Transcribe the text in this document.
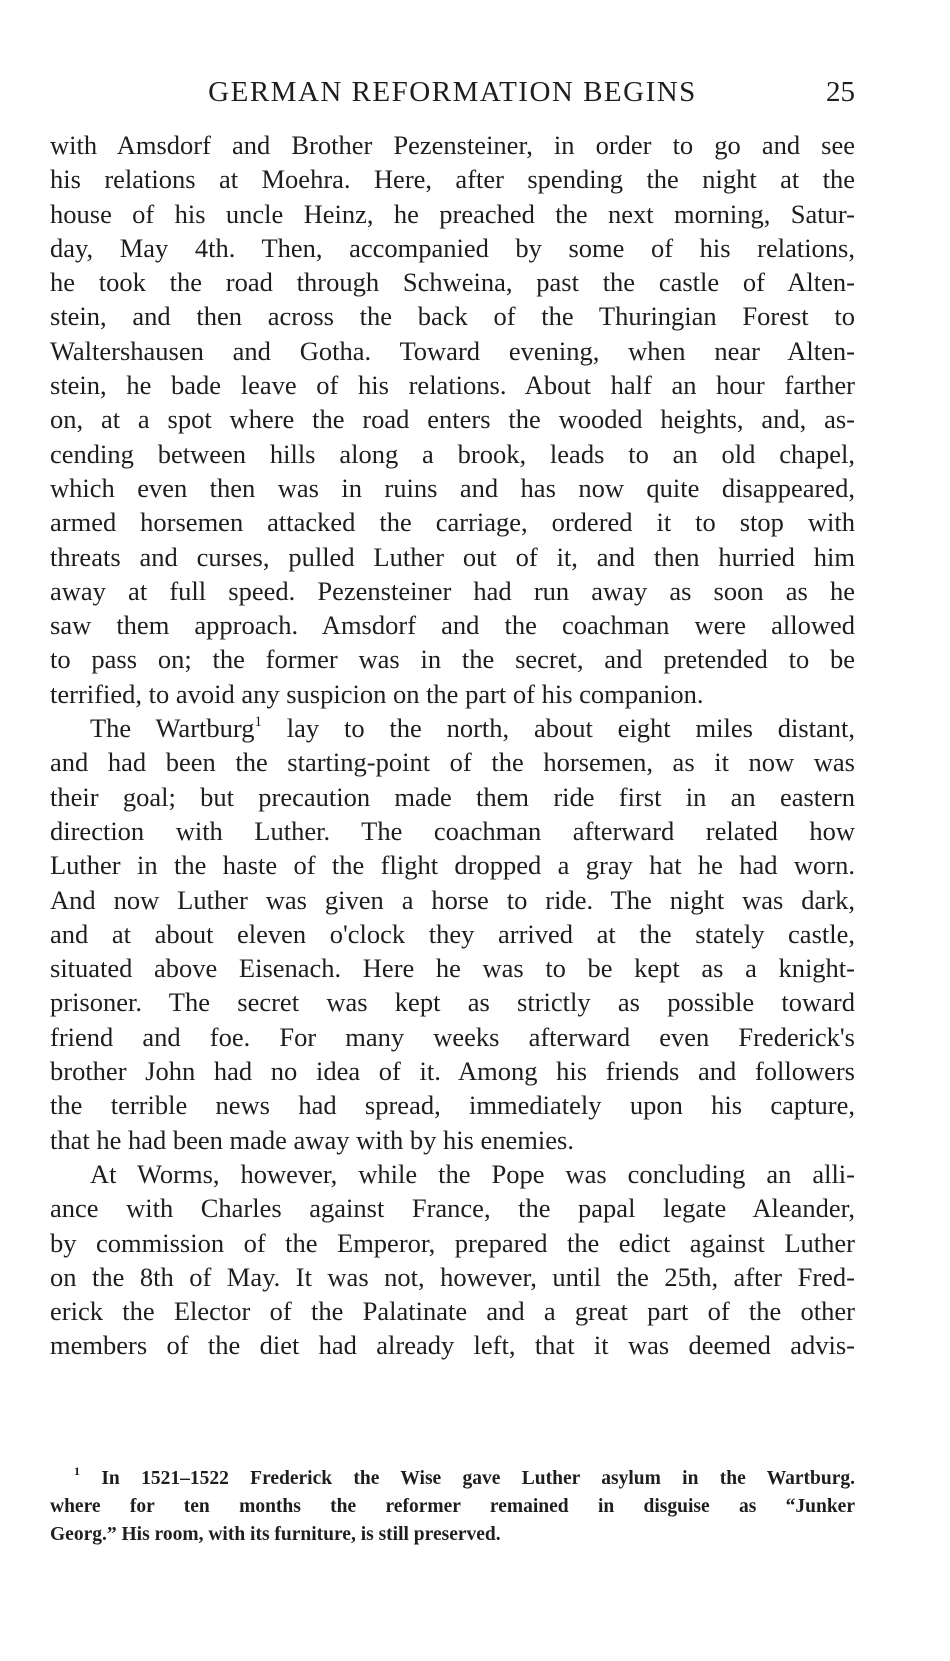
GERMAN REFORMATION BEGINS	25
with Amsdorf and Brother Pezensteiner, in order to go and see
his relations at Moehra. Here, after spending the night at the
house of his uncle Heinz, he preached the next morning, Satur-
day, May 4th. Then, accompanied by some of his relations,
he took the road through Schweina, past the castle of Alten-
stein, and then across the back of the Thuringian Forest to
Waltershausen and Gotha. Toward evening, when near Alten-
stein, he bade leave of his relations. About half an hour farther
on, at a spot where the road enters the wooded heights, and, as-
cending between hills along a brook, leads to an old chapel,
which even then was in ruins and has now quite disappeared,
armed horsemen attacked the carriage, ordered it to stop with
threats and curses, pulled Luther out of it, and then hurried him
away at full speed. Pezensteiner had run away as soon as he
saw them approach. Amsdorf and the coachman were allowed
to pass on; the former was in the secret, and pretended to be
terrified, to avoid any suspicion on the part of his companion.
The Wartburg$^1$ lay to the north, about eight miles distant,
and had been the starting-point of the horsemen, as it now was
their goal; but precaution made them ride first in an eastern
direction with Luther. The coachman afterward related how
Luther in the haste of the flight dropped a gray hat he had worn.
And now Luther was given a horse to ride. The night was dark,
and at about eleven o'clock they arrived at the stately castle,
situated above Eisenach. Here he was to be kept as a knight-
prisoner. The secret was kept as strictly as possible toward
friend and foe. For many weeks afterward even Frederick's
brother John had no idea of it. Among his friends and followers
the terrible news had spread, immediately upon his capture,
that he had been made away with by his enemies.
At Worms, however, while the Pope was concluding an alli-
ance with Charles against France, the papal legate Aleander,
by commission of the Emperor, prepared the edict against Luther
on the 8th of May. It was not, however, until the 25th, after Fred-
erick the Elector of the Palatinate and a great part of the other
members of the diet had already left, that it was deemed advis-
$^1$ In 1521–1522 Frederick the Wise gave Luther asylum in the Wartburg.
where for ten months the reformer remained in disguise as “Junker
Georg.” His room, with its furniture, is still preserved.
